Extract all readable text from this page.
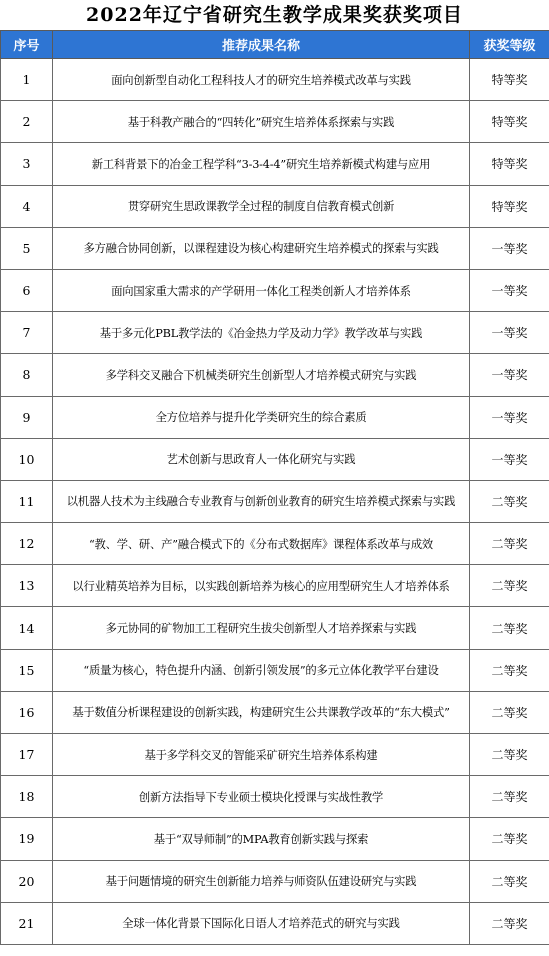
2022年辽宁省研究生教学成果奖获奖项目
序号	推荐成果名称	获奖等级
1	面向创新型自动化工程科技人才的研究生培养模式改革与实践	特等奖
2	基于科教产融合的“四转化”研究生培养体系探索与实践	特等奖
3	新工科背景下的冶金工程学科“3-3-4-4”研究生培养新模式构建与应用	特等奖
4	贯穿研究生思政课教学全过程的制度自信教育模式创新	特等奖
5	多方融合协同创新，以课程建设为核心构建研究生培养模式的探索与实践	一等奖
6	面向国家重大需求的产学研用一体化工程类创新人才培养体系	一等奖
7	基于多元化PBL教学法的《冶金热力学及动力学》教学改革与实践	一等奖
8	多学科交叉融合下机械类研究生创新型人才培养模式研究与实践	一等奖
9	全方位培养与提升化学类研究生的综合素质	一等奖
10	艺术创新与思政育人一体化研究与实践	一等奖
11	以机器人技术为主线融合专业教育与创新创业教育的研究生培养模式探索与实践	二等奖
12	“教、学、研、产”融合模式下的《分布式数据库》课程体系改革与成效	二等奖
13	以行业精英培养为目标，以实践创新培养为核心的应用型研究生人才培养体系	二等奖
14	多元协同的矿物加工工程研究生拔尖创新型人才培养探索与实践	二等奖
15	“质量为核心，特色提升内涵、创新引领发展”的多元立体化教学平台建设	二等奖
16	基于数值分析课程建设的创新实践，构建研究生公共课教学改革的“东大模式”	二等奖
17	基于多学科交叉的智能采矿研究生培养体系构建	二等奖
18	创新方法指导下专业硕士模块化授课与实战性教学	二等奖
19	基于“双导师制”的MPA教育创新实践与探索	二等奖
20	基于问题情境的研究生创新能力培养与师资队伍建设研究与实践	二等奖
21	全球一体化背景下国际化日语人才培养范式的研究与实践	二等奖
